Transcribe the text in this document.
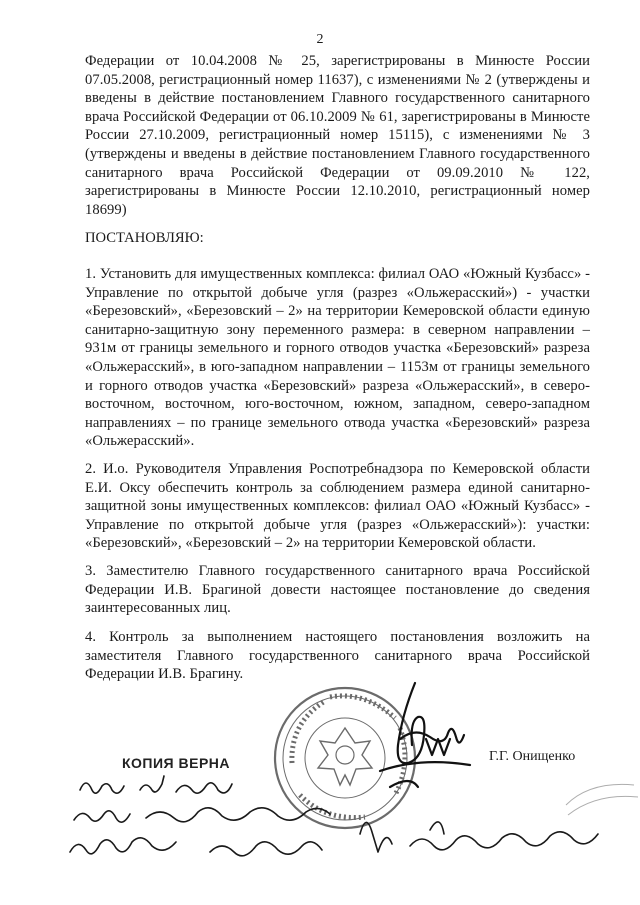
2
Федерации от 10.04.2008 № 25, зарегистрированы в Минюсте России 07.05.2008, регистрационный номер 11637), с изменениями № 2 (утверждены и введены в действие постановлением Главного государственного санитарного врача Российской Федерации от 06.10.2009 № 61, зарегистрированы в Минюсте России 27.10.2009, регистрационный номер 15115), с изменениями № 3 (утверждены и введены в действие постановлением Главного государственного санитарного врача Российской Федерации от 09.09.2010 № 122, зарегистрированы в Минюсте России 12.10.2010, регистрационный номер 18699)
ПОСТАНОВЛЯЮ:
1. Установить для имущественных комплекса: филиал ОАО «Южный Кузбасс» - Управление по открытой добыче угля (разрез «Ольжерасский») - участки «Березовский», «Березовский – 2» на территории Кемеровской области единую санитарно-защитную зону переменного размера: в северном направлении – 931м от границы земельного и горного отводов участка «Березовский» разреза «Ольжерасский», в юго-западном направлении – 1153м от границы земельного и горного отводов участка «Березовский» разреза «Ольжерасский», в северо-восточном, восточном, юго-восточном, южном, западном, северо-западном направлениях – по границе земельного отвода участка «Березовский» разреза «Ольжерасский».
2. И.о. Руководителя Управления Роспотребнадзора по Кемеровской области Е.И. Оксу обеспечить контроль за соблюдением размера единой санитарно-защитной зоны имущественных комплексов: филиал ОАО «Южный Кузбасс» - Управление по открытой добыче угля (разрез «Ольжерасский»): участки: «Березовский», «Березовский – 2» на территории Кемеровской области.
3. Заместителю Главного государственного санитарного врача Российской Федерации И.В. Брагиной довести настоящее постановление до сведения заинтересованных лиц.
4. Контроль за выполнением настоящего постановления возложить на заместителя Главного государственного санитарного врача Российской Федерации И.В. Брагину.
Г.Г. Онищенко
КОПИЯ ВЕРНА
